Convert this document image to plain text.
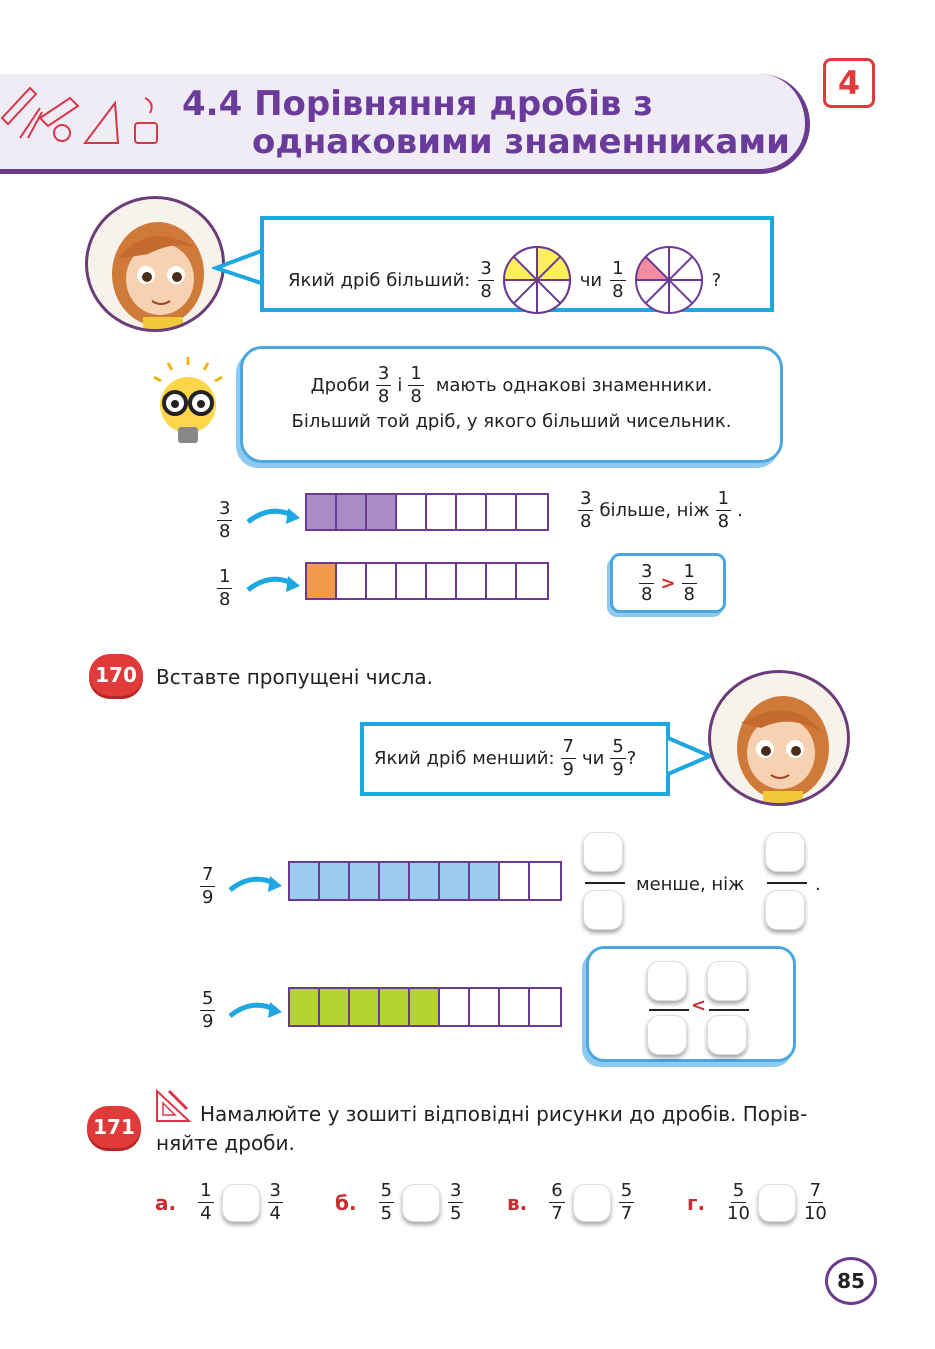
4.4 Порівняння дробів з
однаковими знаменниками
4
Який дріб більший: $\frac{3}{8}$	чи $\frac{1}{8}$	?
Дроби $\frac{3}{8}$ і $\frac{1}{8}$ мають однакові знаменники.
Більший той дріб, у якого більший чисельник.
$\frac{3}{8}$
$\frac{1}{8}$
$\frac{3}{8}$ більше, ніж $\frac{1}{8}$ .
$\frac{3}{8} > \frac{1}{8}$
170 Вставте пропущені числа.
Який дріб менший: $\frac{7}{9}$ чи $\frac{5}{9}$ ?
$\frac{7}{9}$
$\frac{5}{9}$
менше, ніж	.
<
171
Намалюйте у зошиті відповідні рисунки до дробів. Порів-
няйте дроби.
а. $\frac{1}{4}$	$\frac{3}{4}$	б. $\frac{5}{5}$	$\frac{3}{5} в$. $\frac{6}{7}$	$\frac{5}{7}$	г. $\frac{5}{10}$	$\frac{7}{10}$
85
